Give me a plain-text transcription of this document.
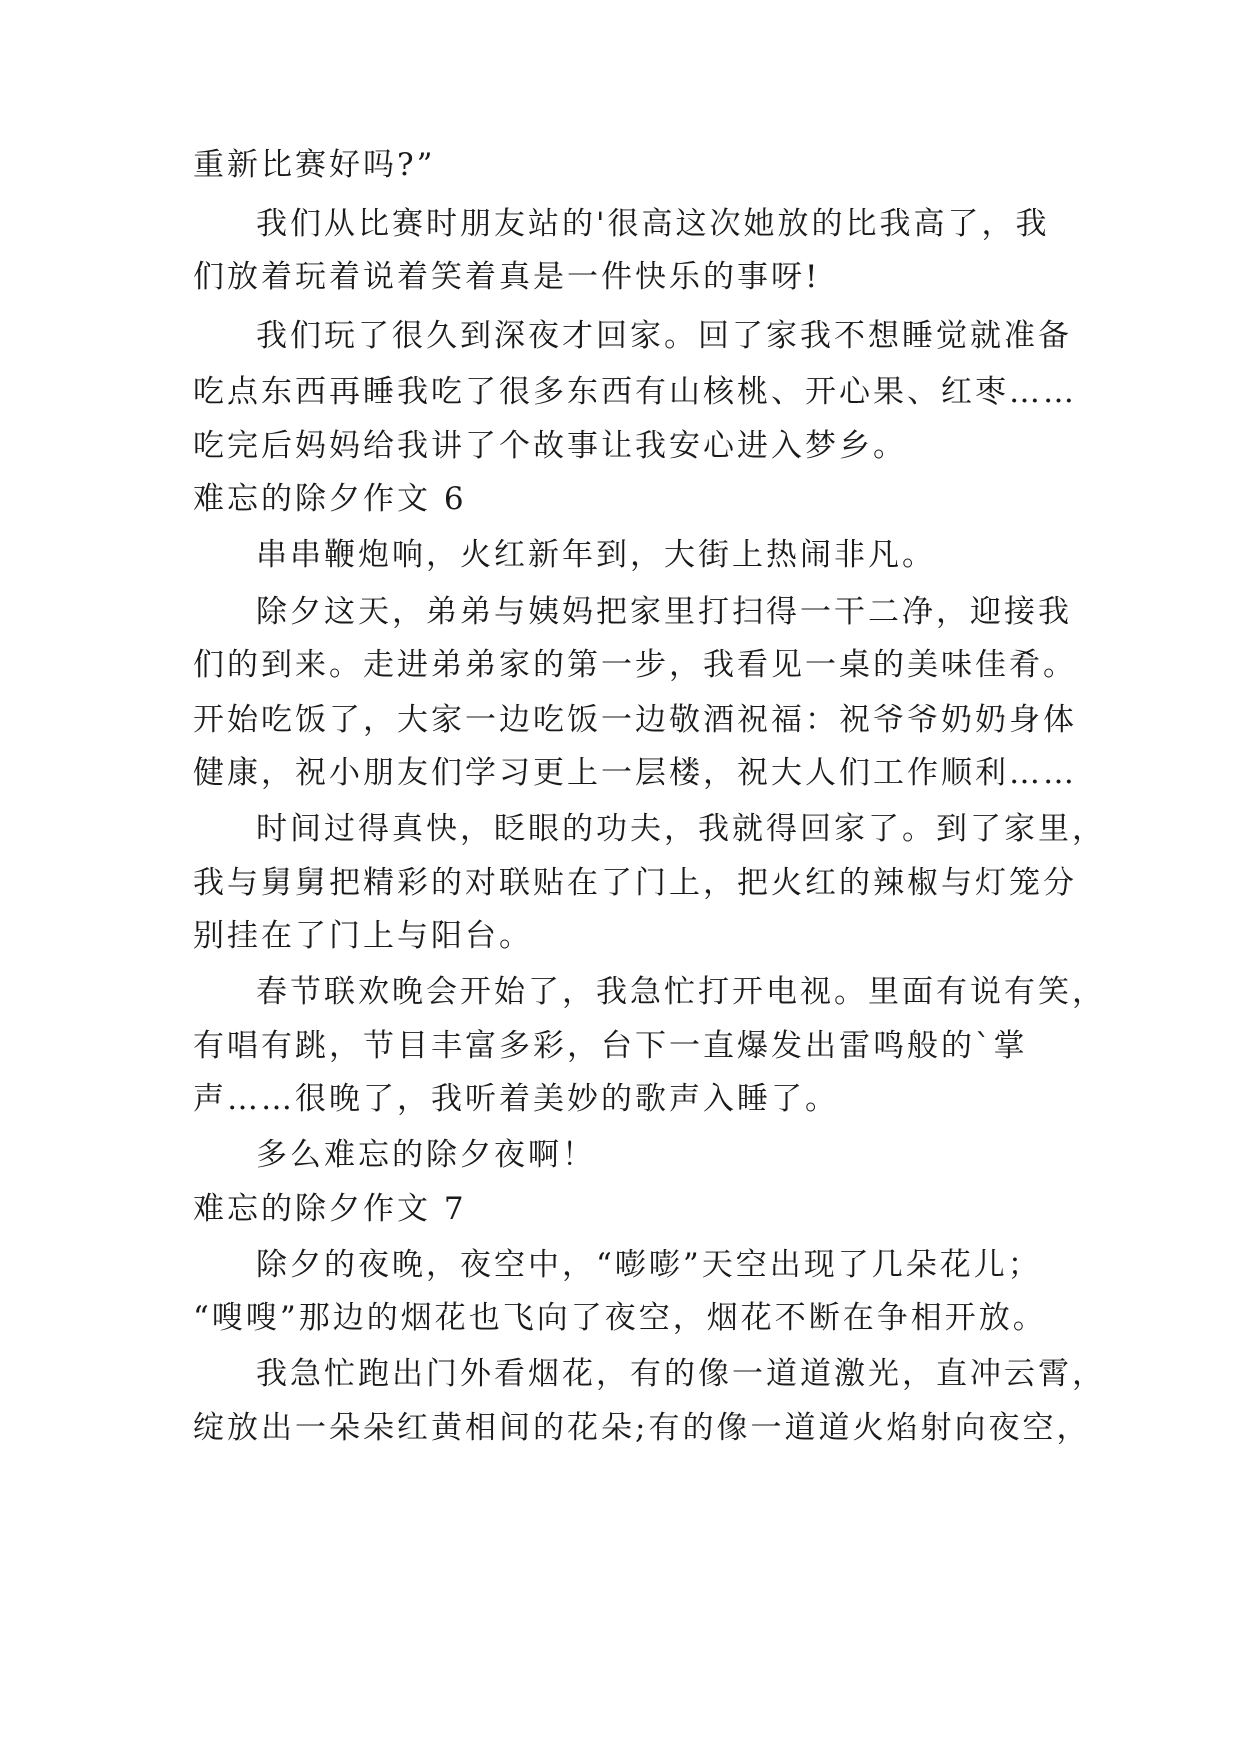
重新比赛好吗?”
我们从比赛时朋友站的'很高这次她放的比我高了，我
们放着玩着说着笑着真是一件快乐的事呀!
我们玩了很久到深夜才回家。回了家我不想睡觉就准备
吃点东西再睡我吃了很多东西有山核桃、开心果、红枣……
吃完后妈妈给我讲了个故事让我安心进入梦乡。
难忘的除夕作文 6
串串鞭炮响，火红新年到，大街上热闹非凡。
除夕这天，弟弟与姨妈把家里打扫得一干二净，迎接我
们的到来。走进弟弟家的第一步，我看见一桌的美味佳肴。
开始吃饭了，大家一边吃饭一边敬酒祝福：祝爷爷奶奶身体
健康，祝小朋友们学习更上一层楼，祝大人们工作顺利……
时间过得真快，眨眼的功夫，我就得回家了。到了家里，
我与舅舅把精彩的对联贴在了门上，把火红的辣椒与灯笼分
别挂在了门上与阳台。
春节联欢晚会开始了，我急忙打开电视。里面有说有笑，
有唱有跳，节目丰富多彩，台下一直爆发出雷鸣般的`掌
声……很晚了，我听着美妙的歌声入睡了。
多么难忘的除夕夜啊！
难忘的除夕作文 7
除夕的夜晚，夜空中，“嘭嘭”天空出现了几朵花儿；
“嗖嗖”那边的烟花也飞向了夜空，烟花不断在争相开放。
我急忙跑出门外看烟花，有的像一道道激光，直冲云霄，
绽放出一朵朵红黄相间的花朵;有的像一道道火焰射向夜空，
